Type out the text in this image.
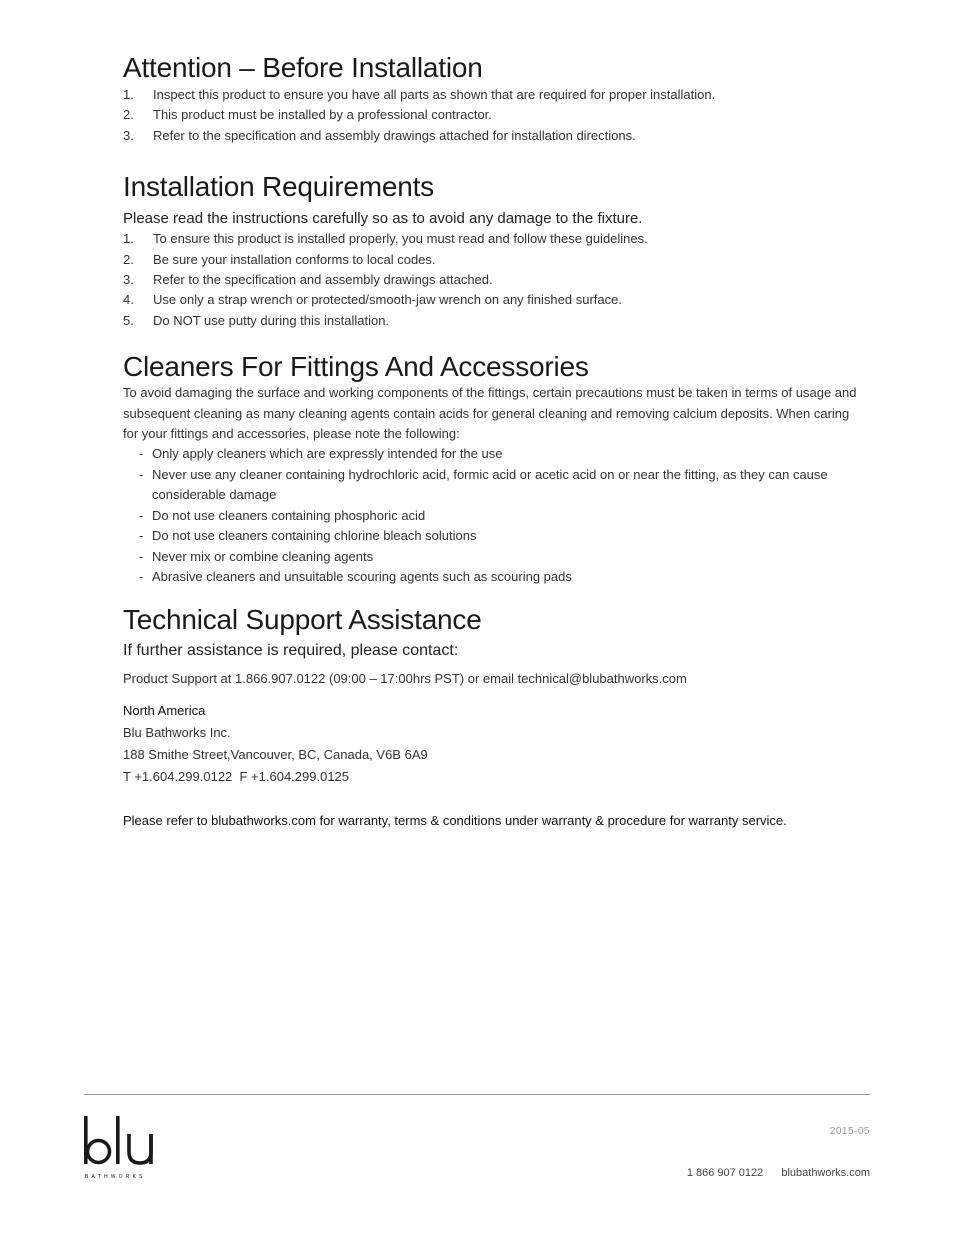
Attention – Before Installation
1. Inspect this product to ensure you have all parts as shown that are required for proper installation.
2. This product must be installed by a professional contractor.
3. Refer to the specification and assembly drawings attached for installation directions.
Installation Requirements

Please read the instructions carefully so as to avoid any damage to the fixture.

1. To ensure this product is installed properly, you must read and follow these guidelines.
2. Be sure your installation conforms to local codes.
3. Refer to the specification and assembly drawings attached.
4. Use only a strap wrench or protected/smooth-jaw wrench on any finished surface.
5. Do NOT use putty during this installation.
Cleaners For Fittings And Accessories

To avoid damaging the surface and working components of the fittings, certain precautions must be taken in terms of usage and subsequent cleaning as many cleaning agents contain acids for general cleaning and removing calcium deposits. When caring for your fittings and accessories, please note the following:

- Only apply cleaners which are expressly intended for the use
- Never use any cleaner containing hydrochloric acid, formic acid or acetic acid on or near the fitting, as they can cause considerable damage
- Do not use cleaners containing phosphoric acid
- Do not use cleaners containing chlorine bleach solutions
- Never mix or combine cleaning agents
- Abrasive cleaners and unsuitable scouring agents such as scouring pads
Technical Support Assistance

If further assistance is required, please contact:

Product Support at 1.866.907.0122 (09:00 – 17:00hrs PST) or email technical@blubathworks.com

North America
Blu Bathworks Inc.
188 Smithe Street,Vancouver, BC, Canada, V6B 6A9
T +1.604.299.0122  F +1.604.299.0125
Please refer to blubathworks.com for warranty, terms & conditions under warranty & procedure for warranty service.
BATHWORKS
2015-05
1 866 907 0122 blubathworks.com
